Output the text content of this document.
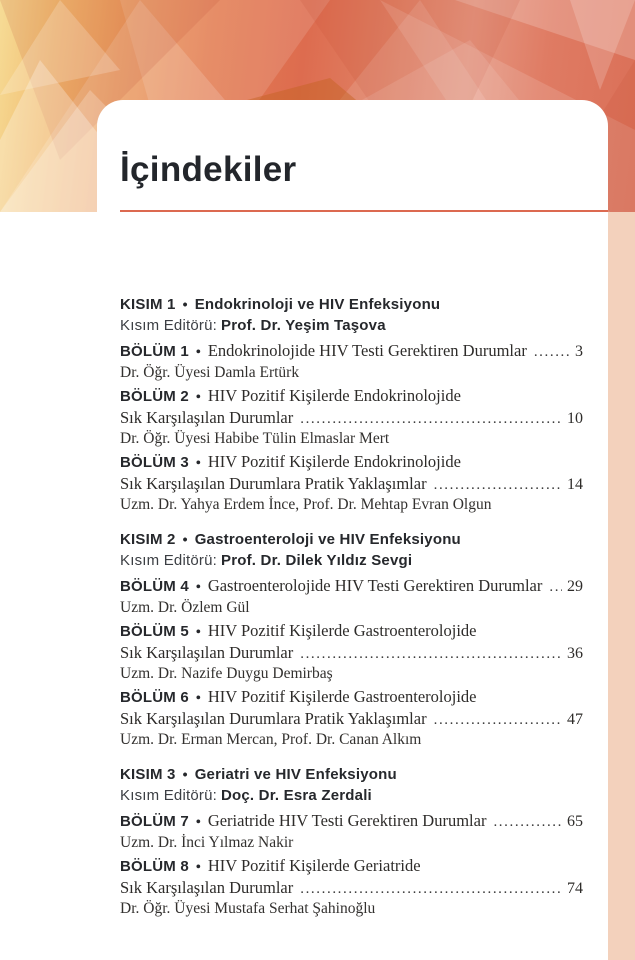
İçindekiler
KISIM 1 • Endokrinoloji ve HIV Enfeksiyonu
Kısım Editörü: Prof. Dr. Yeşim Taşova
BÖLÜM 1 • Endokrinolojide HIV Testi Gerektiren Durumlar .....	3
Dr. Öğr. Üyesi Damla Ertürk
BÖLÜM 2 • HIV Pozitif Kişilerde Endokrinolojide
Sık Karşılaşılan Durumlar .....	10
Dr. Öğr. Üyesi Habibe Tülin Elmaslar Mert
BÖLÜM 3 • HIV Pozitif Kişilerde Endokrinolojide
Sık Karşılaşılan Durumlara Pratik Yaklaşımlar .....	14
Uzm. Dr. Yahya Erdem İnce, Prof. Dr. Mehtap Evran Olgun
KISIM 2 • Gastroenteroloji ve HIV Enfeksiyonu
Kısım Editörü: Prof. Dr. Dilek Yıldız Sevgi
BÖLÜM 4 • Gastroenterolojide HIV Testi Gerektiren Durumlar ..... 29
Uzm. Dr. Özlem Gül
BÖLÜM 5 • HIV Pozitif Kişilerde Gastroenterolojide
Sık Karşılaşılan Durumlar .....	36
Uzm. Dr. Nazife Duygu Demirbaş
BÖLÜM 6 • HIV Pozitif Kişilerde Gastroenterolojide
Sık Karşılaşılan Durumlara Pratik Yaklaşımlar .....	47
Uzm. Dr. Erman Mercan, Prof. Dr. Canan Alkım
KISIM 3 • Geriatri ve HIV Enfeksiyonu
Kısım Editörü: Doç. Dr. Esra Zerdali
BÖLÜM 7 • Geriatride HIV Testi Gerektiren Durumlar .....	65
Uzm. Dr. İnci Yılmaz Nakir
BÖLÜM 8 • HIV Pozitif Kişilerde Geriatride
Sık Karşılaşılan Durumlar .....	74
Dr. Öğr. Üyesi Mustafa Serhat Şahinoğlu
